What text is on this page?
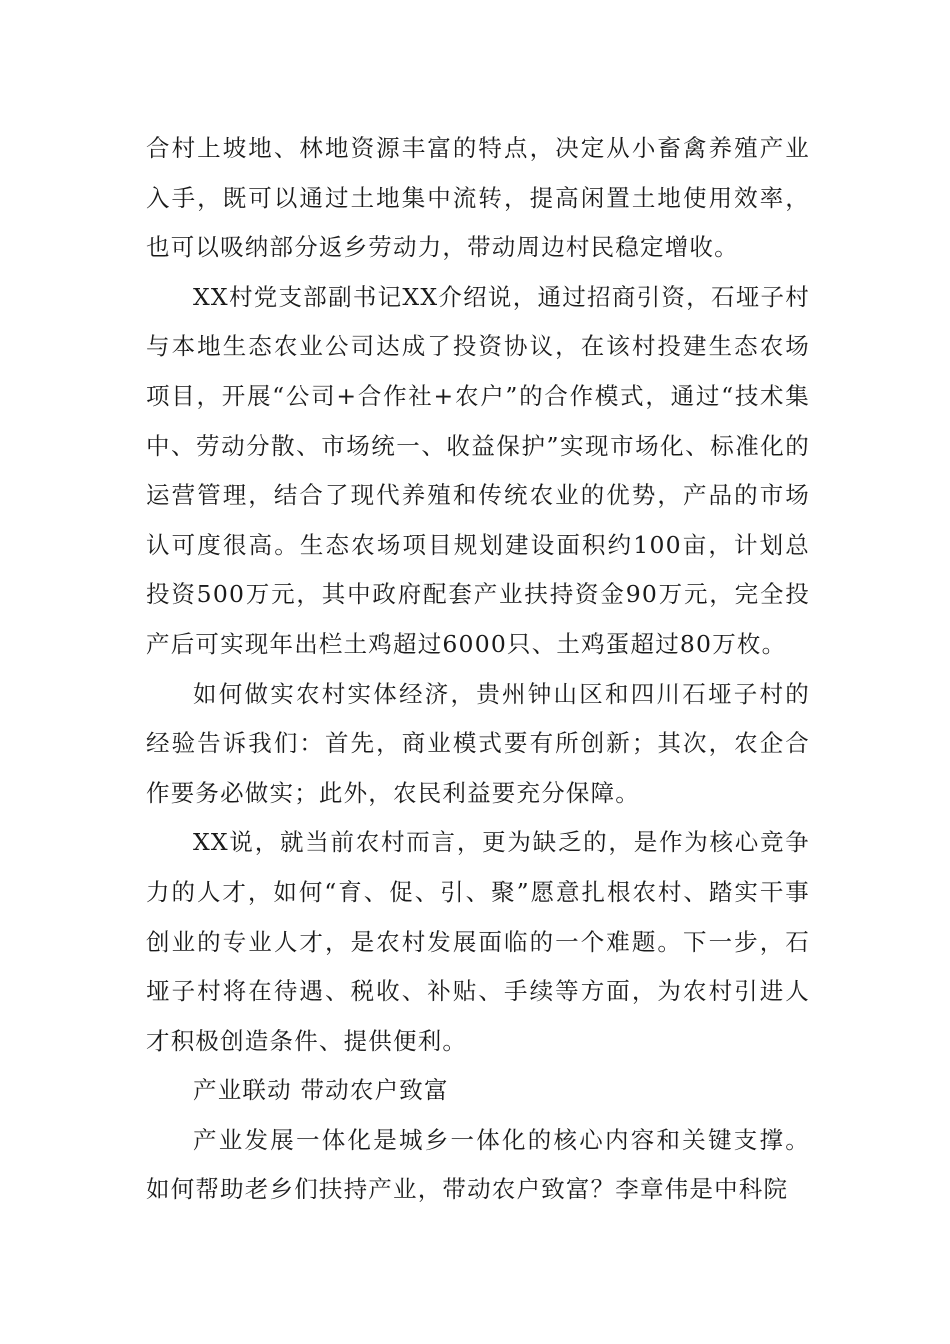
合村上坡地、林地资源丰富的特点，决定从小畜禽养殖产业入手，既可以通过土地集中流转，提高闲置土地使用效率，也可以吸纳部分返乡劳动力，带动周边村民稳定增收。

XX村党支部副书记XX介绍说，通过招商引资，石垭子村与本地生态农业公司达成了投资协议，在该村投建生态农场项目，开展“公司+合作社+农户”的合作模式，通过“技术集中、劳动分散、市场统一、收益保护”实现市场化、标准化的运营管理，结合了现代养殖和传统农业的优势，产品的市场认可度很高。生态农场项目规划建设面积约100亩，计划总投资500万元，其中政府配套产业扶持资金90万元，完全投产后可实现年出栏土鸡超过6000只、土鸡蛋超过80万枚。

如何做实农村实体经济，贵州钟山区和四川石垭子村的经验告诉我们：首先，商业模式要有所创新；其次，农企合作要务必做实；此外，农民利益要充分保障。

XX说，就当前农村而言，更为缺乏的，是作为核心竞争力的人才，如何“育、促、引、聚”愿意扎根农村、踏实干事创业的专业人才，是农村发展面临的一个难题。下一步，石垭子村将在待遇、税收、补贴、手续等方面，为农村引进人才积极创造条件、提供便利。

产业联动 带动农户致富

产业发展一体化是城乡一体化的核心内容和关键支撑。如何帮助老乡们扶持产业，带动农户致富？李章伟是中科院
